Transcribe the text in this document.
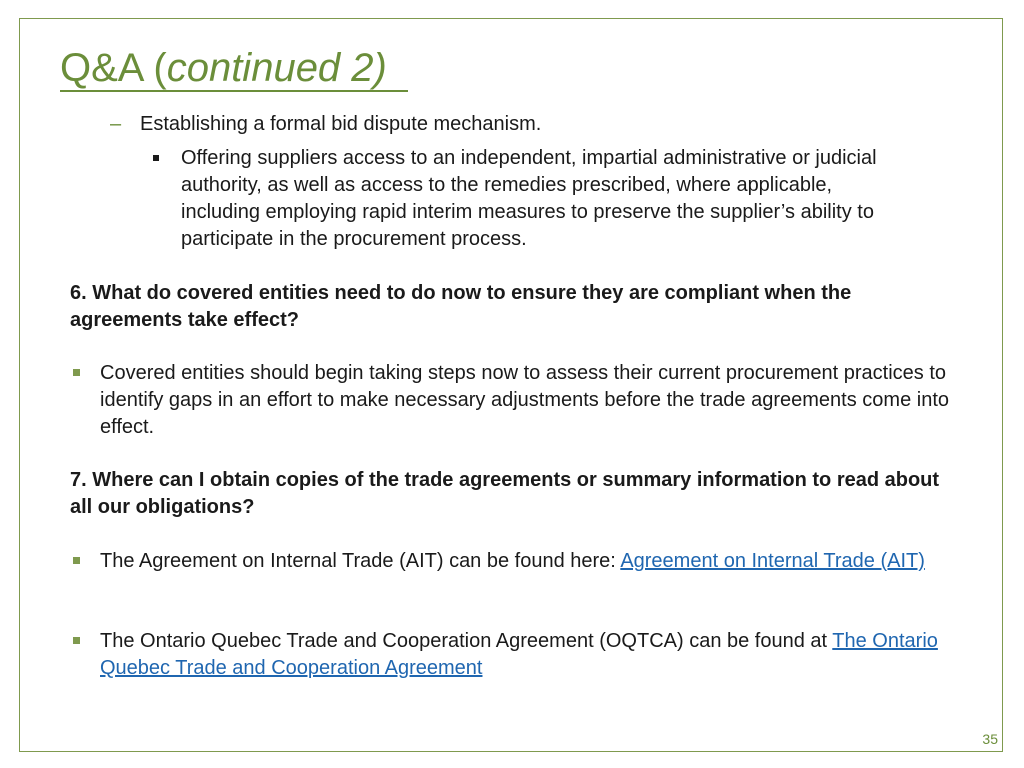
Q&A (continued 2)
– Establishing a formal bid dispute mechanism.
Offering suppliers access to an independent, impartial administrative or judicial authority, as well as access to the remedies prescribed, where applicable, including employing rapid interim measures to preserve the supplier’s ability to participate in the procurement process.
6. What do covered entities need to do now to ensure they are compliant when the agreements take effect?
Covered entities should begin taking steps now to assess their current procurement practices to identify gaps in an effort to make necessary adjustments before the trade agreements come into effect.
7. Where can I obtain copies of the trade agreements or summary information to read about all our obligations?
The Agreement on Internal Trade (AIT) can be found here: Agreement on Internal Trade (AIT)
The Ontario Quebec Trade and Cooperation Agreement (OQTCA) can be found at The Ontario Quebec Trade and Cooperation Agreement
35
